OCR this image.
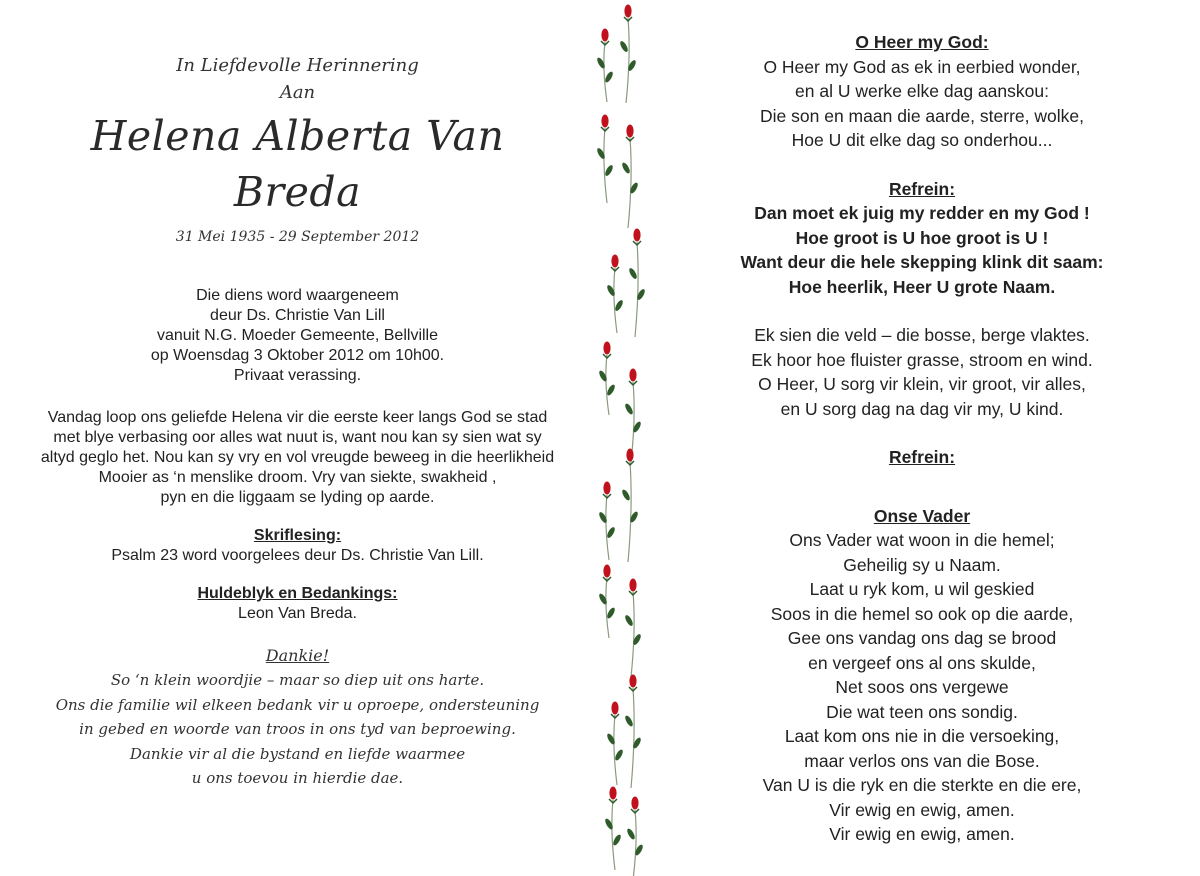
In Liefdevolle Herinnering
Aan
Helena Alberta Van Breda
31 Mei 1935 - 29 September 2012
Die diens word waargeneem
deur Ds. Christie Van Lill
vanuit N.G. Moeder Gemeente, Bellville
op Woensdag 3 Oktober 2012 om 10h00.
Privaat verassing.
Vandag loop ons geliefde Helena vir die eerste keer langs God se stad
met blye verbasing oor alles wat nuut is, want nou kan sy sien wat sy
altyd geglo het. Nou kan sy vry en vol vreugde beweeg in die heerlikheid
Mooier as ‘n menslike droom. Vry van siekte, swakheid ,
pyn en die liggaam se lyding op aarde.
Skriflesing:
Psalm 23 word voorgelees deur Ds. Christie Van Lill.
Huldeblyk en Bedankings:
Leon Van Breda.
Dankie!
So ‘n klein woordjie – maar so diep uit ons harte.
Ons die familie wil elkeen bedank vir u oproepe, ondersteuning
in gebed en woorde van troos in ons tyd van beproewing.
Dankie vir al die bystand en liefde waarmee
u ons toevou in hierdie dae.
O Heer my God:
O Heer my God as ek in eerbied wonder,
en al U werke elke dag aanskou:
Die son en maan die aarde, sterre, wolke,
Hoe U dit elke dag so onderhou...
Refrein:
Dan moet ek juig my redder en my God !
Hoe groot is U hoe groot is U !
Want deur die hele skepping klink dit saam:
Hoe heerlik, Heer U grote Naam.
Ek sien die veld – die bosse, berge vlaktes.
Ek hoor hoe fluister grasse, stroom en wind.
O Heer, U sorg vir klein, vir groot, vir alles,
en U sorg dag na dag vir my, U kind.
Refrein:
Onse Vader
Ons Vader wat woon in die hemel;
Geheilig sy u Naam.
Laat u ryk kom, u wil geskied
Soos in die hemel so ook op die aarde,
Gee ons vandag ons dag se brood
en vergeef ons al ons skulde,
Net soos ons vergewe
Die wat teen ons sondig.
Laat kom ons nie in die versoeking,
maar verlos ons van die Bose.
Van U is die ryk en die sterkte en die ere,
Vir ewig en ewig, amen.
Vir ewig en ewig, amen.
